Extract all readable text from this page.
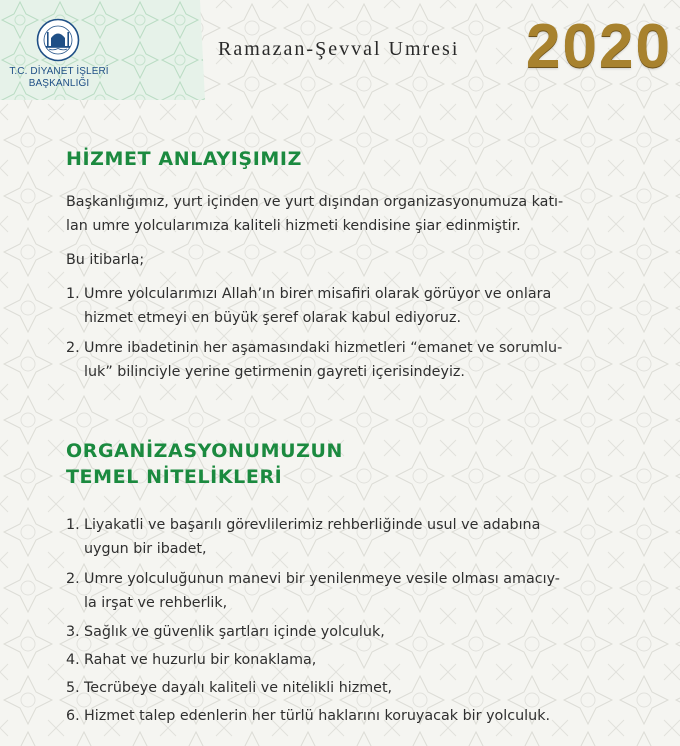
T.C. DİYANET İŞLERİ
BAŞKANLIĞI
Ramazan-Şevval Umresi 2020
HİZMET ANLAYIŞIMIZ
Başkanlığımız, yurt içinden ve yurt dışından organizasyonumuza katı-
lan umre yolcularımıza kaliteli hizmeti kendisine şiar edinmiştir.
Bu itibarla;
1. Umre yolcularımızı Allah’ın birer misafiri olarak görüyor ve onlara
hizmet etmeyi en büyük şeref olarak kabul ediyoruz.
2. Umre ibadetinin her aşamasındaki hizmetleri “emanet ve sorumlu-
luk” bilinciyle yerine getirmenin gayreti içerisindeyiz.
ORGANİZASYONUMUZUN
TEMEL NİTELİKLERİ
1. Liyakatli ve başarılı görevlilerimiz rehberliğinde usul ve adabına
uygun bir ibadet,
2. Umre yolculuğunun manevi bir yenilenmeye vesile olması amacıy-
la irşat ve rehberlik,
3. Sağlık ve güvenlik şartları içinde yolculuk,
4. Rahat ve huzurlu bir konaklama,
5. Tecrübeye dayalı kaliteli ve nitelikli hizmet,
6. Hizmet talep edenlerin her türlü haklarını koruyacak bir yolculuk.
